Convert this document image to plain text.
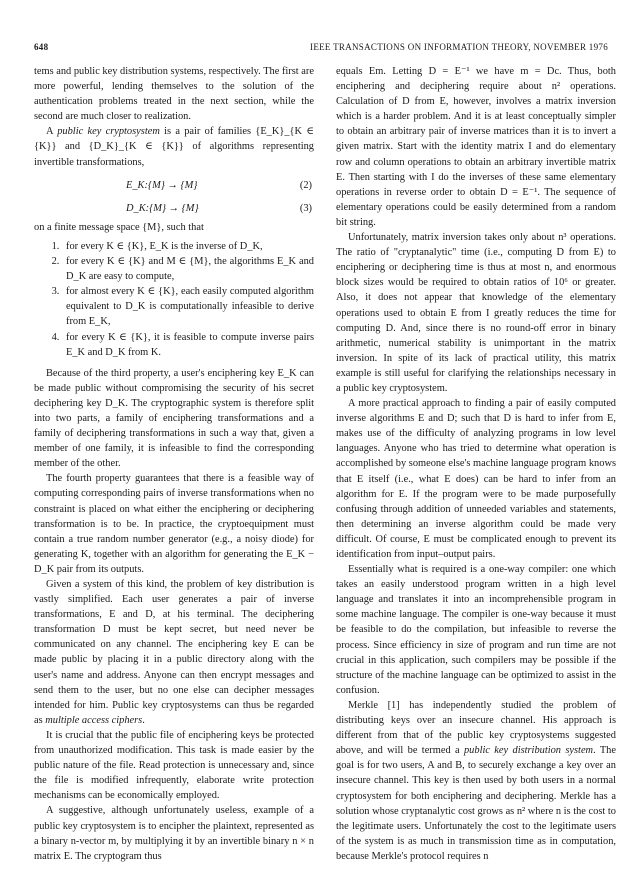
648	IEEE TRANSACTIONS ON INFORMATION THEORY, NOVEMBER 1976

tems and public key distribution systems, respectively. The first are more powerful, lending themselves to the solution of the authentication problems treated in the next section, while the second are much closer to realization.

A public key cryptosystem is a pair of families {E_K}_{K ∈ {K}} and {D_K}_{K ∈ {K}} of algorithms representing invertible transformations,

E_K:{M} → {M}	(2)
D_K:{M} → {M}	(3)

on a finite message space {M}, such that

1. for every K ∈ {K}, E_K is the inverse of D_K,
2. for every K ∈ {K} and M ∈ {M}, the algorithms E_K and D_K are easy to compute,
3. for almost every K ∈ {K}, each easily computed algorithm equivalent to D_K is computationally infeasible to derive from E_K,
4. for every K ∈ {K}, it is feasible to compute inverse pairs E_K and D_K from K.

Because of the third property, a user's enciphering key E_K can be made public without compromising the security of his secret deciphering key D_K. The cryptographic system is therefore split into two parts, a family of enciphering transformations and a family of deciphering transformations in such a way that, given a member of one family, it is infeasible to find the corresponding member of the other.

The fourth property guarantees that there is a feasible way of computing corresponding pairs of inverse transformations when no constraint is placed on what either the enciphering or deciphering transformation is to be. In practice, the cryptoequipment must contain a true random number generator (e.g., a noisy diode) for generating K, together with an algorithm for generating the E_K − D_K pair from its outputs.

Given a system of this kind, the problem of key distribution is vastly simplified. Each user generates a pair of inverse transformations, E and D, at his terminal. The deciphering transformation D must be kept secret, but need never be communicated on any channel. The enciphering key E can be made public by placing it in a public directory along with the user's name and address. Anyone can then encrypt messages and send them to the user, but no one else can decipher messages intended for him. Public key cryptosystems can thus be regarded as multiple access ciphers.

It is crucial that the public file of enciphering keys be protected from unauthorized modification. This task is made easier by the public nature of the file. Read protection is unnecessary and, since the file is modified infrequently, elaborate write protection mechanisms can be economically employed.

A suggestive, although unfortunately useless, example of a public key cryptosystem is to encipher the plaintext, represented as a binary n-vector m, by multiplying it by an invertible binary n × n matrix E. The cryptogram thus

equals Em. Letting D = E⁻¹ we have m = Dc. Thus, both enciphering and deciphering require about n² operations. Calculation of D from E, however, involves a matrix inversion which is a harder problem. And it is at least conceptually simpler to obtain an arbitrary pair of inverse matrices than it is to invert a given matrix. Start with the identity matrix I and do elementary row and column operations to obtain an arbitrary invertible matrix E. Then starting with I do the inverses of these same elementary operations in reverse order to obtain D = E⁻¹. The sequence of elementary operations could be easily determined from a random bit string.

Unfortunately, matrix inversion takes only about n³ operations. The ratio of "cryptanalytic" time (i.e., computing D from E) to enciphering or deciphering time is thus at most n, and enormous block sizes would be required to obtain ratios of 10⁶ or greater. Also, it does not appear that knowledge of the elementary operations used to obtain E from I greatly reduces the time for computing D. And, since there is no round-off error in binary arithmetic, numerical stability is unimportant in the matrix inversion. In spite of its lack of practical utility, this matrix example is still useful for clarifying the relationships necessary in a public key cryptosystem.

A more practical approach to finding a pair of easily computed inverse algorithms E and D; such that D is hard to infer from E, makes use of the difficulty of analyzing programs in low level languages. Anyone who has tried to determine what operation is accomplished by someone else's machine language program knows that E itself (i.e., what E does) can be hard to infer from an algorithm for E. If the program were to be made purposefully confusing through addition of unneeded variables and statements, then determining an inverse algorithm could be made very difficult. Of course, E must be complicated enough to prevent its identification from input–output pairs.

Essentially what is required is a one-way compiler: one which takes an easily understood program written in a high level language and translates it into an incomprehensible program in some machine language. The compiler is one-way because it must be feasible to do the compilation, but infeasible to reverse the process. Since efficiency in size of program and run time are not crucial in this application, such compilers may be possible if the structure of the machine language can be optimized to assist in the confusion.

Merkle [1] has independently studied the problem of distributing keys over an insecure channel. His approach is different from that of the public key cryptosystems suggested above, and will be termed a public key distribution system. The goal is for two users, A and B, to securely exchange a key over an insecure channel. This key is then used by both users in a normal cryptosystem for both enciphering and deciphering. Merkle has a solution whose cryptanalytic cost grows as n² where n is the cost to the legitimate users. Unfortunately the cost to the legitimate users of the system is as much in transmission time as in computation, because Merkle's protocol requires n
